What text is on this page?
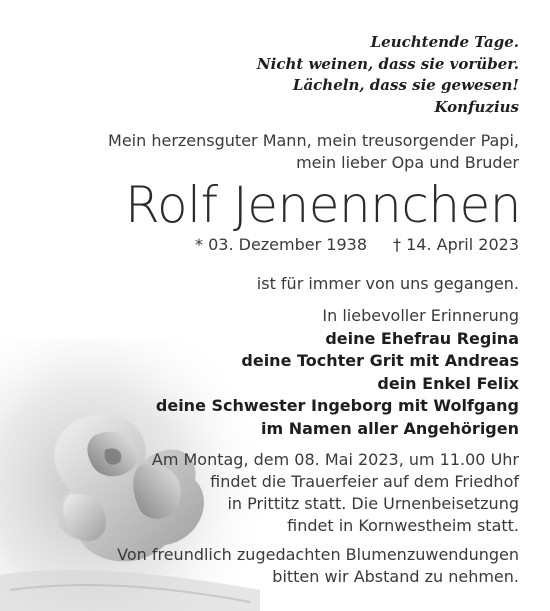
Leuchtende Tage.
Nicht weinen, dass sie vorüber.
Lächeln, dass sie gewesen!
Konfuzius
Mein herzensguter Mann, mein treusorgender Papi,
mein lieber Opa und Bruder
Rolf Jenennchen
* 03. Dezember 1938 † 14. April 2023
ist für immer von uns gegangen.
In liebevoller Erinnerung
deine Ehefrau Regina
deine Tochter Grit mit Andreas
dein Enkel Felix
deine Schwester Ingeborg mit Wolfgang
im Namen aller Angehörigen
Am Montag, dem 08. Mai 2023, um 11.00 Uhr
findet die Trauerfeier auf dem Friedhof
in Prittitz statt. Die Urnenbeisetzung
findet in Kornwestheim statt.
Von freundlich zugedachten Blumenzuwendungen
bitten wir Abstand zu nehmen.
